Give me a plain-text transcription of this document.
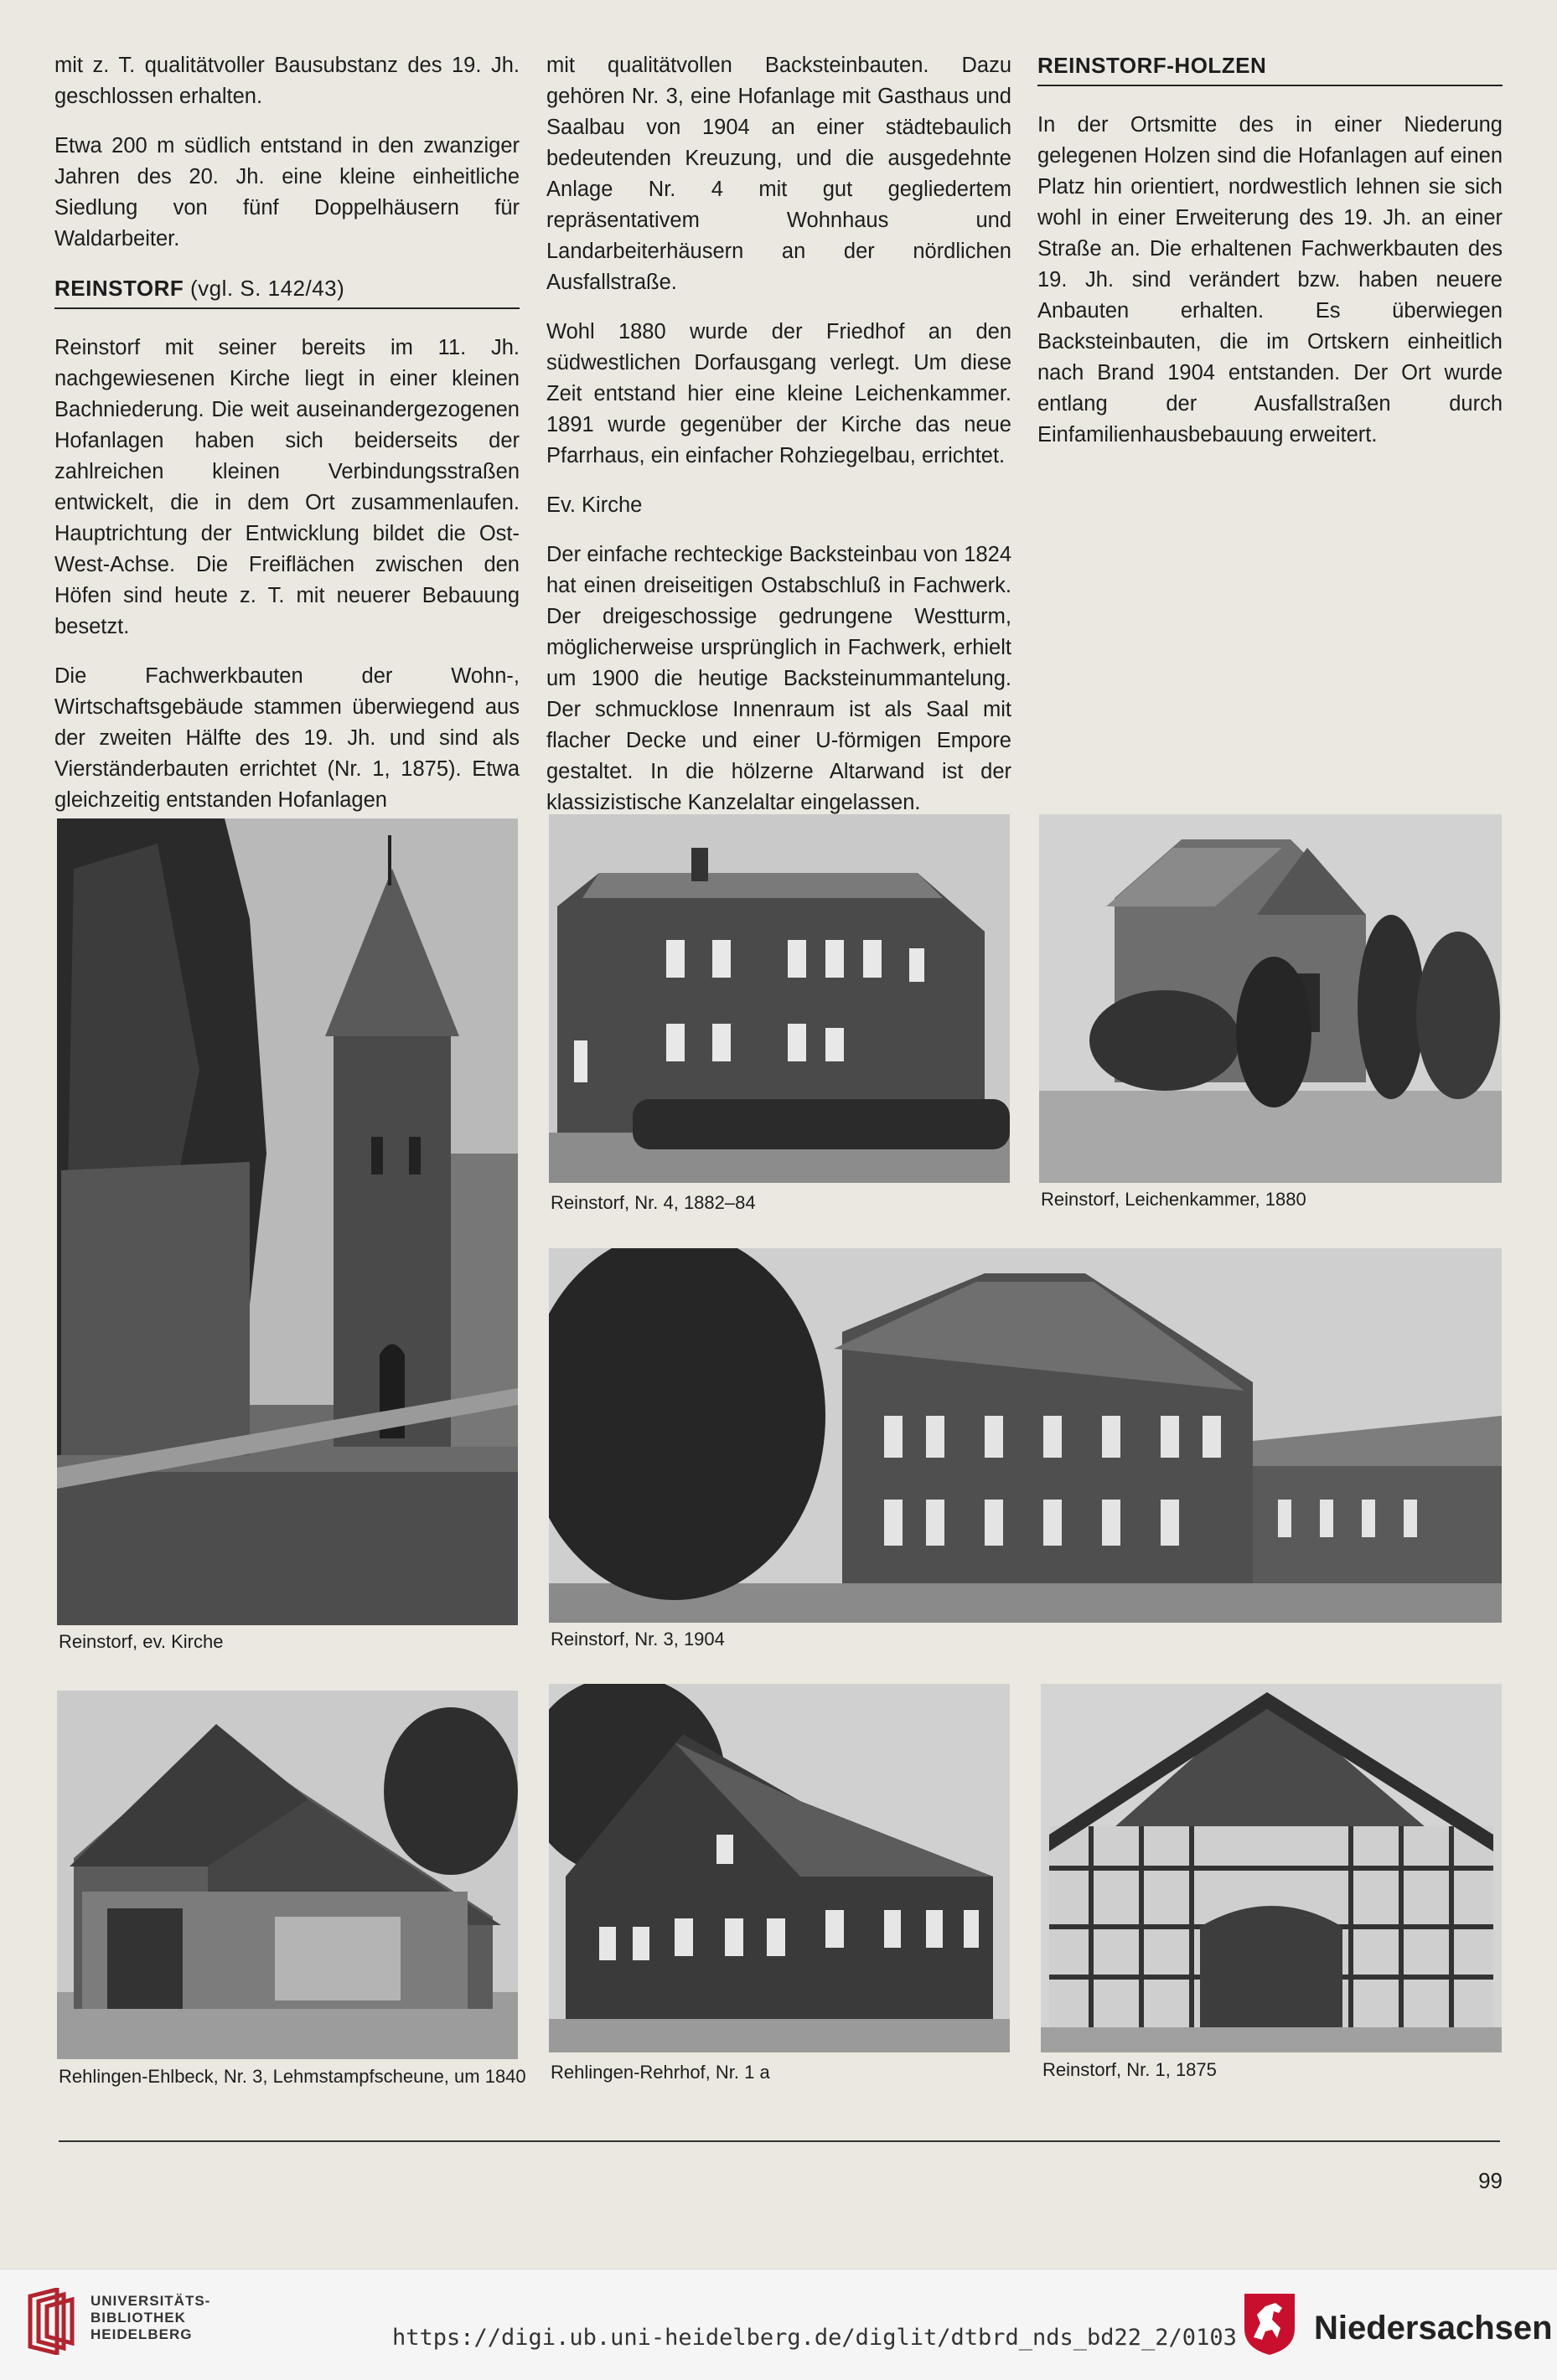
mit z. T. qualitätvoller Bausubstanz des 19. Jh. geschlossen erhalten.

Etwa 200 m südlich entstand in den zwanziger Jahren des 20. Jh. eine kleine einheitliche Siedlung von fünf Doppelhäusern für Waldarbeiter.

REINSTORF (vgl. S. 142/43)

Reinstorf mit seiner bereits im 11. Jh. nachgewiesenen Kirche liegt in einer kleinen Bachniederung. Die weit auseinandergezogenen Hofanlagen haben sich beiderseits der zahlreichen kleinen Verbindungsstraßen entwickelt, die in dem Ort zusammenlaufen. Hauptrichtung der Entwicklung bildet die Ost-West-Achse. Die Freiflächen zwischen den Höfen sind heute z. T. mit neuerer Bebauung besetzt.

Die Fachwerkbauten der Wohn-, Wirtschaftsgebäude stammen überwiegend aus der zweiten Hälfte des 19. Jh. und sind als Vierständerbauten errichtet (Nr. 1, 1875). Etwa gleichzeitig entstanden Hofanlagen

mit qualitätvollen Backsteinbauten. Dazu gehören Nr. 3, eine Hofanlage mit Gasthaus und Saalbau von 1904 an einer städtebaulich bedeutenden Kreuzung, und die ausgedehnte Anlage Nr. 4 mit gut gegliedertem repräsentativem Wohnhaus und Landarbeiterhäusern an der nördlichen Ausfallstraße.

Wohl 1880 wurde der Friedhof an den südwestlichen Dorfausgang verlegt. Um diese Zeit entstand hier eine kleine Leichenkammer. 1891 wurde gegenüber der Kirche das neue Pfarrhaus, ein einfacher Rohziegelbau, errichtet.

Ev. Kirche

Der einfache rechteckige Backsteinbau von 1824 hat einen dreiseitigen Ostabschluß in Fachwerk. Der dreigeschossige gedrungene Westturm, möglicherweise ursprünglich in Fachwerk, erhielt um 1900 die heutige Backsteinummantelung. Der schmucklose Innenraum ist als Saal mit flacher Decke und einer U-förmigen Empore gestaltet. In die hölzerne Altarwand ist der klassizistische Kanzelaltar eingelassen.

REINSTORF-HOLZEN

In der Ortsmitte des in einer Niederung gelegenen Holzen sind die Hofanlagen auf einen Platz hin orientiert, nordwestlich lehnen sie sich wohl in einer Erweiterung des 19. Jh. an einer Straße an. Die erhaltenen Fachwerkbauten des 19. Jh. sind verändert bzw. haben neuere Anbauten erhalten. Es überwiegen Backsteinbauten, die im Ortskern einheitlich nach Brand 1904 entstanden. Der Ort wurde entlang der Ausfallstraßen durch Einfamilienhausbebauung erweitert.

Reinstorf, ev. Kirche
Reinstorf, Nr. 4, 1882–84	Reinstorf, Leichenkammer, 1880
Reinstorf, Nr. 3, 1904
Rehlingen-Ehlbeck, Nr. 3, Lehmstampfscheune, um 1840 Rehlingen-Rehrhof, Nr. 1 a	Reinstorf, Nr. 1, 1875
99
UNIVERSITÄTS-
BIBLIOTHEK
HEIDELBERG	https://digi.ub.uni-heidelberg.de/diglit/dtbrd_nds_bd22_2/0103 Niedersachsen
